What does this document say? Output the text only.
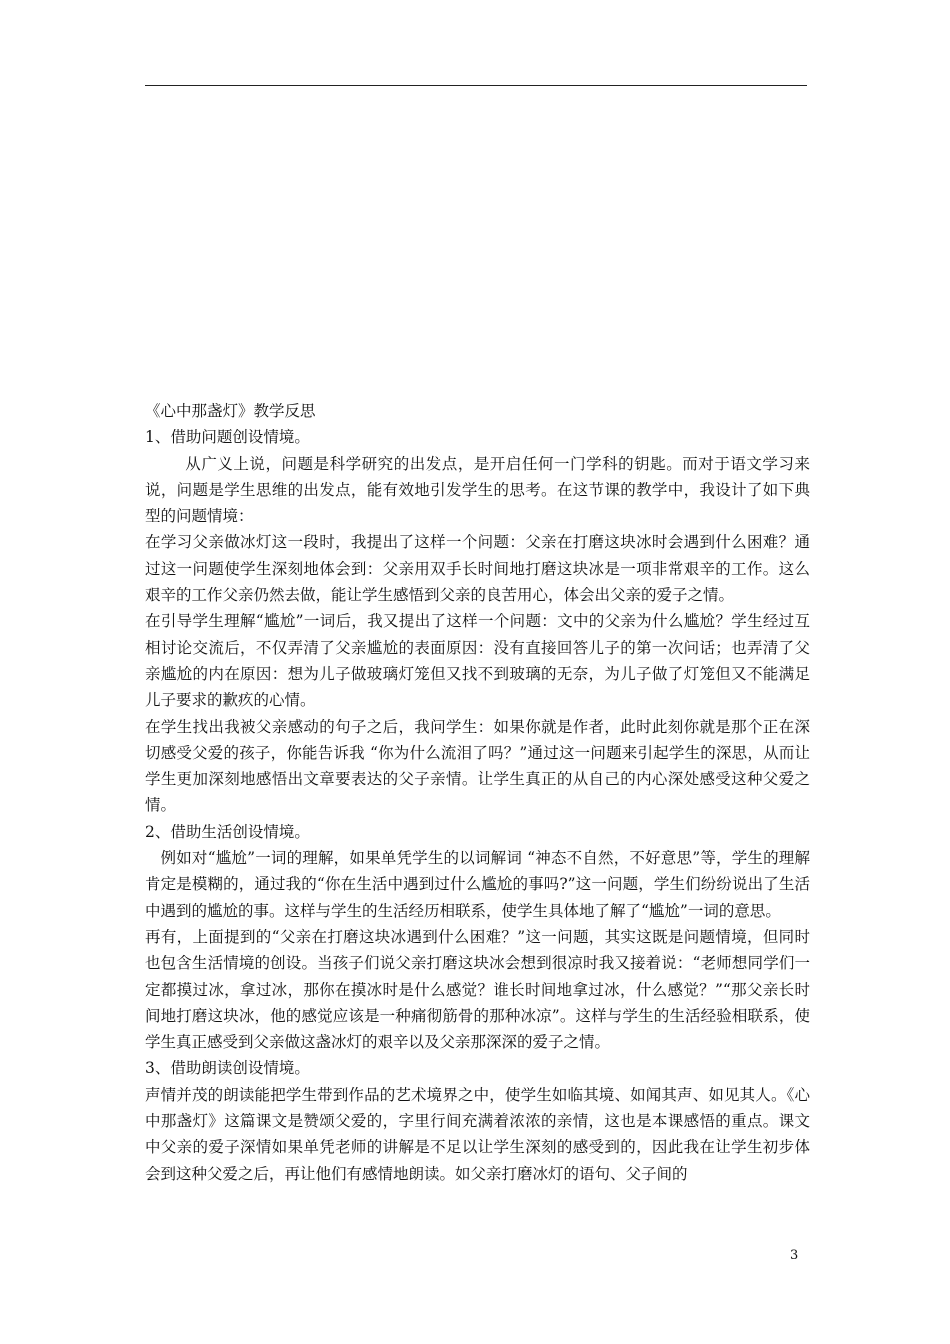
《心中那盏灯》教学反思

1、借助问题创设情境。

从广义上说，问题是科学研究的出发点，是开启任何一门学科的钥匙。而对于语文学习来说，问题是学生思维的出发点，能有效地引发学生的思考。在这节课的教学中，我设计了如下典型的问题情境：

在学习父亲做冰灯这一段时，我提出了这样一个问题：父亲在打磨这块冰时会遇到什么困难？通过这一问题使学生深刻地体会到：父亲用双手长时间地打磨这块冰是一项非常艰辛的工作。这么艰辛的工作父亲仍然去做，能让学生感悟到父亲的良苦用心，体会出父亲的爱子之情。

在引导学生理解“尴尬”一词后，我又提出了这样一个问题：文中的父亲为什么尴尬？学生经过互相讨论交流后，不仅弄清了父亲尴尬的表面原因：没有直接回答儿子的第一次问话；也弄清了父亲尴尬的内在原因：想为儿子做玻璃灯笼但又找不到玻璃的无奈，为儿子做了灯笼但又不能满足儿子要求的歉疚的心情。

在学生找出我被父亲感动的句子之后，我问学生：如果你就是作者，此时此刻你就是那个正在深切感受父爱的孩子，你能告诉我 “你为什么流泪了吗？”通过这一问题来引起学生的深思，从而让学生更加深刻地感悟出文章要表达的父子亲情。让学生真正的从自己的内心深处感受这种父爱之情。

2、借助生活创设情境。

例如对“尴尬”一词的理解，如果单凭学生的以词解词 “神态不自然，不好意思”等，学生的理解肯定是模糊的，通过我的“你在生活中遇到过什么尴尬的事吗?”这一问题，学生们纷纷说出了生活中遇到的尴尬的事。这样与学生的生活经历相联系，使学生具体地了解了“尴尬”一词的意思。

再有，上面提到的“父亲在打磨这块冰遇到什么困难？”这一问题，其实这既是问题情境，但同时也包含生活情境的创设。当孩子们说父亲打磨这块冰会想到很凉时我又接着说：“老师想同学们一定都摸过冰，拿过冰，那你在摸冰时是什么感觉？谁长时间地拿过冰，什么感觉？”“那父亲长时间地打磨这块冰，他的感觉应该是一种痛彻筋骨的那种冰凉”。这样与学生的生活经验相联系，使学生真正感受到父亲做这盏冰灯的艰辛以及父亲那深深的爱子之情。

3、借助朗读创设情境。

声情并茂的朗读能把学生带到作品的艺术境界之中，使学生如临其境、如闻其声、如见其人。《心中那盏灯》这篇课文是赞颂父爱的，字里行间充满着浓浓的亲情，这也是本课感悟的重点。课文中父亲的爱子深情如果单凭老师的讲解是不足以让学生深刻的感受到的，因此我在让学生初步体会到这种父爱之后，再让他们有感情地朗读。如父亲打磨冰灯的语句、父子间的

3
